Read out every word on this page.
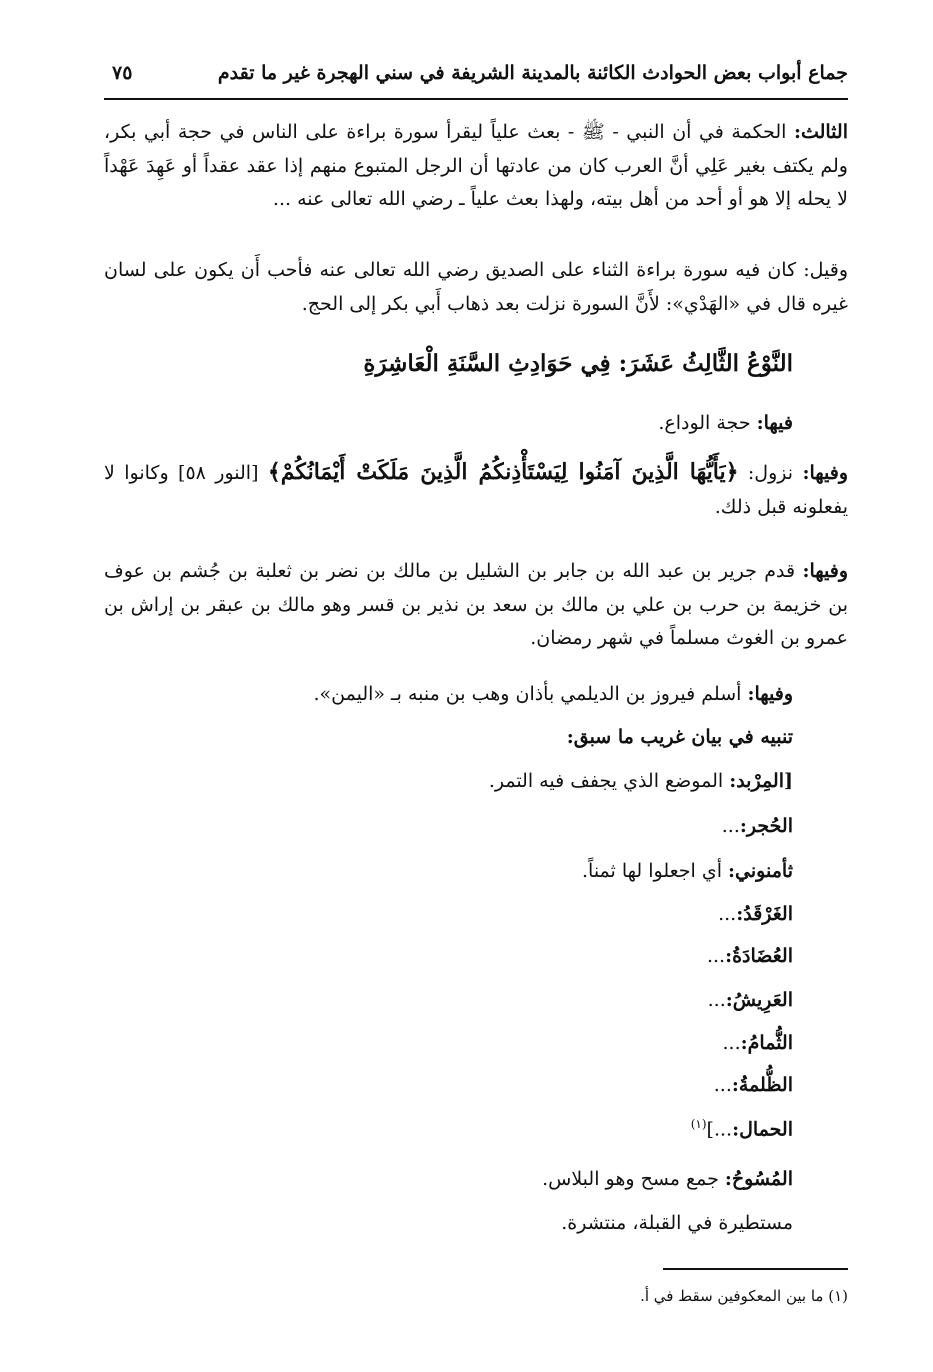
جماع أبواب بعض الحوادث الكائنة بالمدينة الشريفة في سني الهجرة غير ما تقدم
٧٥
الثالث: الحكمة في أن النبي - ﷺ - بعث علياً ليقرأ سورة براءة على الناس في حجة أبي بكر، ولم يكتف بغير عَلِي أنَّ العرب كان من عادتها أن الرجل المتبوع منهم إذا عقد عقداً أو عَهِدَ عَهْداً لا يحله إلا هو أو أحد من أهل بيته، ولهذا بعث علياً ـ رضي الله تعالى عنه ...
وقيل: كان فيه سورة براءة الثناء على الصديق رضي الله تعالى عنه فأحب أَن يكون على لسان غيره قال في «الهَدْي»: لأَنَّ السورة نزلت بعد ذهاب أَبي بكر إلى الحج.
النَّوْعُ الثَّالِثُ عَشَرَ: فِي حَوَادِثِ السَّنَةِ الْعَاشِرَةِ
فيها: حجة الوداع.
وفيها: نزول: ﴿يَأَيُّهَا الَّذِينَ آمَنُوا لِيَسْتَأْذِنكُمُ الَّذِينَ مَلَكَتْ أَيْمَانُكُمْ﴾ [النور ٥٨] وكانوا لا يفعلونه قبل ذلك.
وفيها: قدم جرير بن عبد الله بن جابر بن الشليل بن مالك بن نضر بن ثعلبة بن جُشم بن عوف بن خزيمة بن حرب بن علي بن مالك بن سعد بن نذير بن قسر وهو مالك بن عبقر بن إراش بن عمرو بن الغوث مسلماً في شهر رمضان.
وفيها: أسلم فيروز بن الديلمي بأذان وهب بن منبه بـ «اليمن».
تنبيه في بيان غريب ما سبق:
[المِرْبد: الموضع الذي يجفف فيه التمر.
الحُجر:...
ثأمنوني: أي اجعلوا لها ثمناً.
الغَرْقَدُ:...
العُضَادَةُ:...
العَرِيشُ:...
الثُّمامُ:...
الظُّلمةُ:...
الحمال:...]$^{(١)}$
المُسُوحُ: جمع مسح وهو البلاس.
مستطيرة في القبلة، منتشرة.
(١) ما بين المعكوفين سقط في أ.
